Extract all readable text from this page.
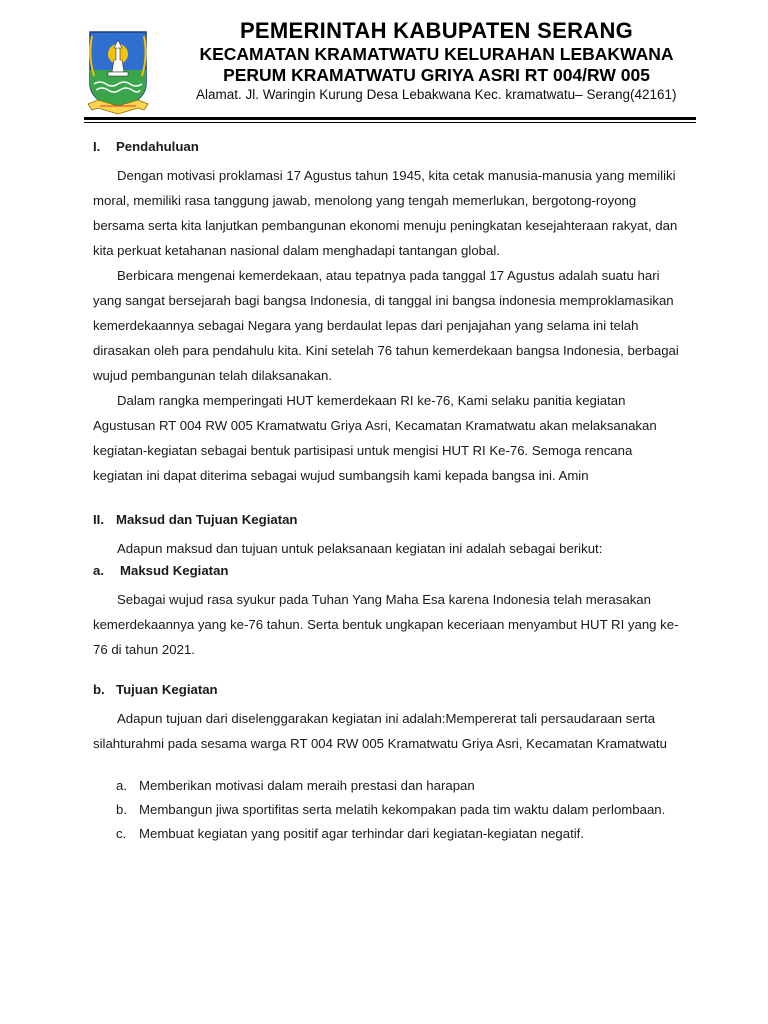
PEMERINTAH KABUPATEN SERANG
KECAMATAN KRAMATWATU KELURAHAN LEBAKWANA
PERUM KRAMATWATU GRIYA ASRI RT 004/RW 005
Alamat. Jl. Waringin Kurung Desa Lebakwana Kec. kramatwatu– Serang(42161)
I. Pendahuluan

Dengan motivasi proklamasi 17 Agustus tahun 1945, kita cetak manusia-manusia yang memiliki moral, memiliki rasa tanggung jawab, menolong yang tengah memerlukan, bergotong-royong bersama serta kita lanjutkan pembangunan ekonomi menuju peningkatan kesejahteraan rakyat, dan kita perkuat ketahanan nasional dalam menghadapi tantangan global.

Berbicara mengenai kemerdekaan, atau tepatnya pada tanggal 17 Agustus adalah suatu hari yang sangat bersejarah bagi bangsa Indonesia, di tanggal ini bangsa indonesia memproklamasikan kemerdekaannya sebagai Negara yang berdaulat lepas dari penjajahan yang selama ini telah dirasakan oleh para pendahulu kita. Kini setelah 76 tahun kemerdekaan bangsa Indonesia, berbagai wujud pembangunan telah dilaksanakan.

Dalam rangka memperingati HUT kemerdekaan RI ke-76, Kami selaku panitia kegiatan Agustusan RT 004 RW 005 Kramatwatu Griya Asri, Kecamatan Kramatwatu akan melaksanakan kegiatan-kegiatan sebagai bentuk partisipasi untuk mengisi HUT RI Ke-76. Semoga rencana kegiatan ini dapat diterima sebagai wujud sumbangsih kami kepada bangsa ini. Amin

II. Maksud dan Tujuan Kegiatan

Adapun maksud dan tujuan untuk pelaksanaan kegiatan ini adalah sebagai berikut:

a. Maksud Kegiatan

Sebagai wujud rasa syukur pada Tuhan Yang Maha Esa karena Indonesia telah merasakan kemerdekaannya yang ke-76 tahun. Serta bentuk ungkapan keceriaan menyambut HUT RI yang ke-76 di tahun 2021.

b. Tujuan Kegiatan

Adapun tujuan dari diselenggarakan kegiatan ini adalah:Mempererat tali persaudaraan serta silahturahmi pada sesama warga RT 004 RW 005 Kramatwatu Griya Asri, Kecamatan Kramatwatu

a. Memberikan motivasi dalam meraih prestasi dan harapan
b. Membangun jiwa sportifitas serta melatih kekompakan pada tim waktu dalam perlombaan.
c. Membuat kegiatan yang positif agar terhindar dari kegiatan-kegiatan negatif.
